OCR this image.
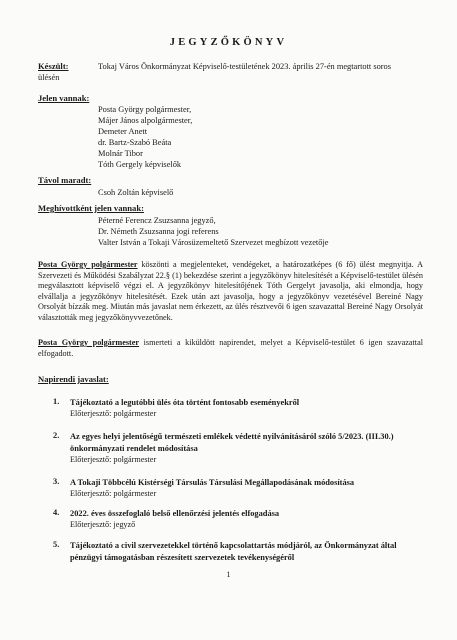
JEGYZŐKÖNYV
Készült:	Tokaj Város Önkormányzat Képviselő-testületének 2023. április 27-én megtartott soros
ülésén
Jelen vannak:
Posta György polgármester,
Májer János alpolgármester,
Demeter Anett
dr. Bartz-Szabó Beáta
Molnár Tibor
Tóth Gergely képviselők
Távol maradt:
Csoh Zoltán képviselő
Meghívottként jelen vannak:
Péterné Ferencz Zsuzsanna jegyző,
Dr. Németh Zsuzsanna jogi referens
Valter István a Tokaji Városüzemeltető Szervezet megbízott vezetője
Posta György polgármester köszönti a megjelenteket, vendégeket, a határozatképes (6 fő) ülést megnyitja. A Szervezeti és Működési Szabályzat 22.§ (1) bekezdése szerint a jegyzőkönyv hitelesítését a Képviselő-testület ülésén megválasztott képviselő végzi el. A jegyzőkönyv hitelesítőjének Tóth Gergelyt javasolja, aki elmondja, hogy elvállalja a jegyzőkönyv hitelesítését. Ezek után azt javasolja, hogy a jegyzőkönyv vezetésével Bereiné Nagy Orsolyát bízzák meg. Miután más javaslat nem érkezett, az ülés résztvevői 6 igen szavazattal Bereiné Nagy Orsolyát választották meg jegyzőkönyvvezetőnek.
Posta György polgármester ismerteti a kiküldött napirendet, melyet a Képviselő-testület 6 igen szavazattal elfogadott.
Napirendi javaslat:
1. Tájékoztató a legutóbbi ülés óta történt fontosabb eseményekről
Előterjesztő: polgármester
2. Az egyes helyi jelentőségű természeti emlékek védetté nyilvánításáról szóló 5/2023. (III.30.) önkormányzati rendelet módosítása
Előterjesztő: polgármester
3. A Tokaji Többcélú Kistérségi Társulás Társulási Megállapodásának módosítása
Előterjesztő: polgármester
4. 2022. éves összefoglaló belső ellenőrzési jelentés elfogadása
Előterjesztő: jegyző
5. Tájékoztató a civil szervezetekkel történő kapcsolattartás módjáról, az Önkormányzat által pénzügyi támogatásban részesített szervezetek tevékenységéről
1
